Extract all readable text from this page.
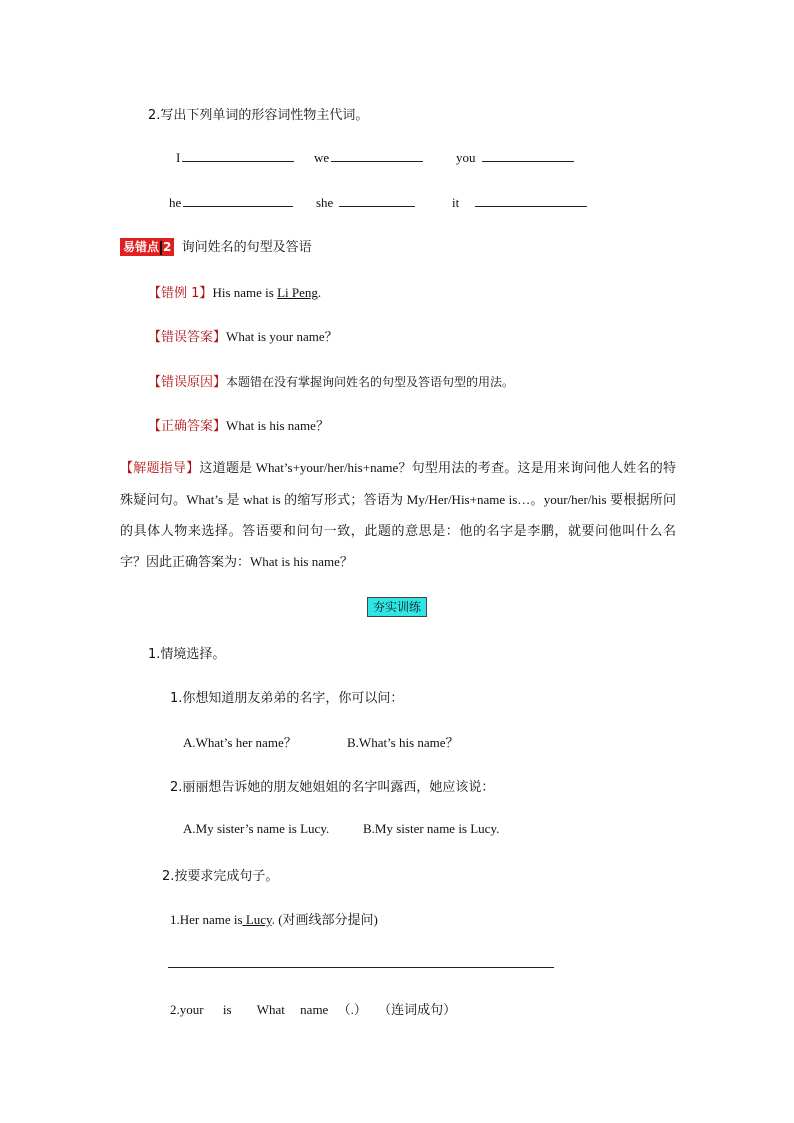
2.写出下列单词的形容词性物主代词。
I	we	you
he	she	it
易错点 2 询问姓名的句型及答语
【错例 1】His name is Li Peng.
【错误答案】What is your name？
【错误原因】本题错在没有掌握询问姓名的句型及答语句型的用法。
【正确答案】What is his name？
【解题指导】这道题是 What’s+your/her/his+name？句型用法的考查。这是用来询问他人姓名的特殊疑问句。What’s 是 what is 的缩写形式；答语为 My/Her/His+name is…。your/her/his 要根据所问的具体人物来选择。答语要和问句一致，此题的意思是：他的名字是李鹏，就要问他叫什么名字？因此正确答案为：What is his name？
夯实训练
1.情境选择。
1.你想知道朋友弟弟的名字，你可以问：
A.What’s her name？	B.What’s his name？
2.丽丽想告诉她的朋友她姐姐的名字叫露西，她应该说：
A.My sister’s name is Lucy.	B.My sister name is Lucy.
2.按要求完成句子。
1.Her name is Lucy. (对画线部分提问)
2.your is What name （.） （连词成句）
